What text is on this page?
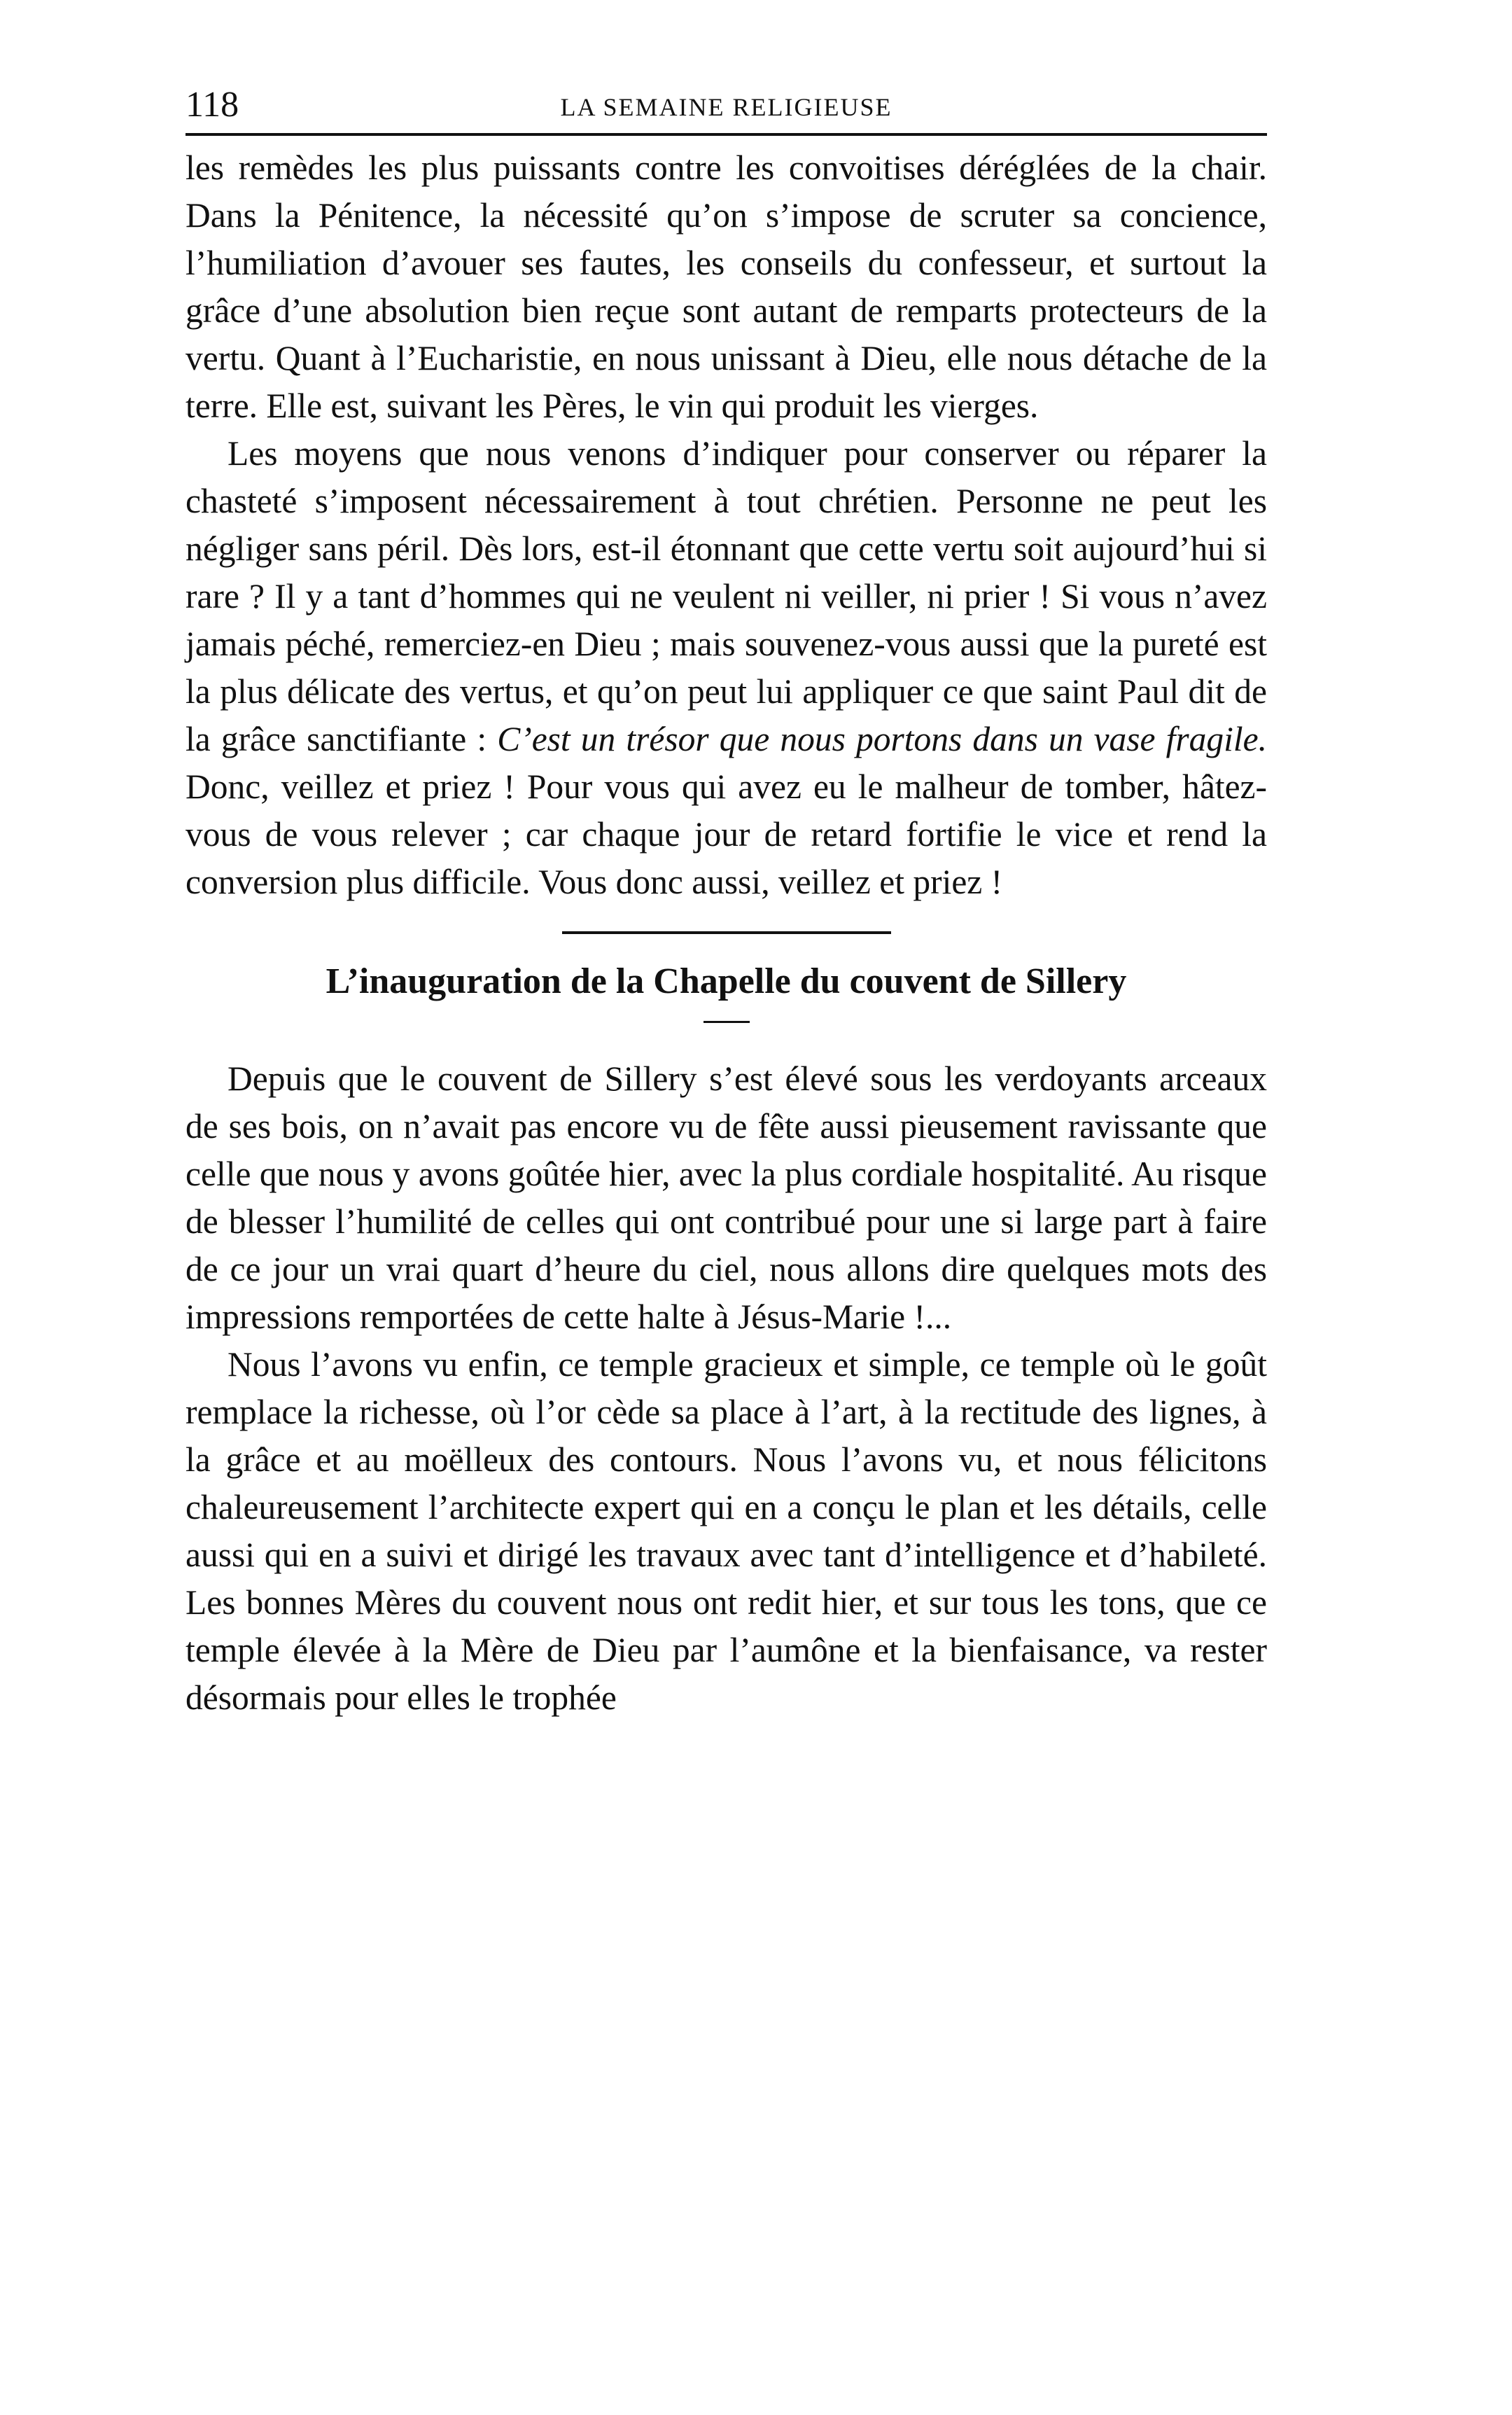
118	LA SEMAINE RELIGIEUSE

les remèdes les plus puissants contre les convoitises déréglées de la chair. Dans la Pénitence, la nécessité qu’on s’impose de scruter sa concience, l’humiliation d’avouer ses fautes, les conseils du confesseur, et surtout la grâce d’une absolution bien reçue sont autant de remparts protecteurs de la vertu. Quant à l’Eucharistie, en nous unissant à Dieu, elle nous détache de la terre. Elle est, suivant les Pères, le vin qui produit les vierges.

Les moyens que nous venons d’indiquer pour conserver ou réparer la chasteté s’imposent nécessairement à tout chrétien. Personne ne peut les négliger sans péril. Dès lors, est-il étonnant que cette vertu soit aujourd’hui si rare ? Il y a tant d’hommes qui ne veulent ni veiller, ni prier ! Si vous n’avez jamais péché, remerciez-en Dieu ; mais souvenez-vous aussi que la pureté est la plus délicate des vertus, et qu’on peut lui appliquer ce que saint Paul dit de la grâce sanctifiante : C’est un trésor que nous portons dans un vase fragile. Donc, veillez et priez ! Pour vous qui avez eu le malheur de tomber, hâtez-vous de vous relever ; car chaque jour de retard fortifie le vice et rend la conversion plus difficile. Vous donc aussi, veillez et priez !

L’inauguration de la Chapelle du couvent de Sillery

Depuis que le couvent de Sillery s’est élevé sous les verdoyants arceaux de ses bois, on n’avait pas encore vu de fête aussi pieusement ravissante que celle que nous y avons goûtée hier, avec la plus cordiale hospitalité. Au risque de blesser l’humilité de celles qui ont contribué pour une si large part à faire de ce jour un vrai quart d’heure du ciel, nous allons dire quelques mots des impressions remportées de cette halte à Jésus-Marie !...

Nous l’avons vu enfin, ce temple gracieux et simple, ce temple où le goût remplace la richesse, où l’or cède sa place à l’art, à la rectitude des lignes, à la grâce et au moëlleux des contours. Nous l’avons vu, et nous félicitons chaleureusement l’architecte expert qui en a conçu le plan et les détails, celle aussi qui en a suivi et dirigé les travaux avec tant d’intelligence et d’habileté. Les bonnes Mères du couvent nous ont redit hier, et sur tous les tons, que ce temple élevée à la Mère de Dieu par l’aumône et la bienfaisance, va rester désormais pour elles le trophée
